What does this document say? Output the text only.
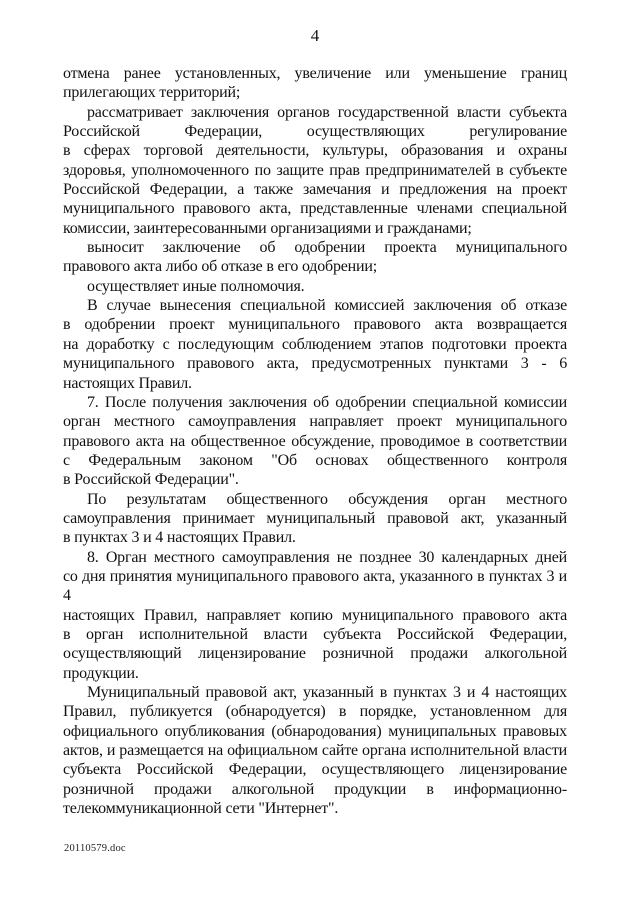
4
отмена ранее установленных, увеличение или уменьшение границ
прилегающих территорий;
рассматривает заключения органов государственной власти субъекта
Российской Федерации, осуществляющих регулирование
в сферах торговой деятельности, культуры, образования и охраны
здоровья, уполномоченного по защите прав предпринимателей в субъекте
Российской Федерации, а также замечания и предложения на проект
муниципального правового акта, представленные членами специальной
комиссии, заинтересованными организациями и гражданами;
выносит заключение об одобрении проекта муниципального
правового акта либо об отказе в его одобрении;
осуществляет иные полномочия.
В случае вынесения специальной комиссией заключения об отказе
в одобрении проект муниципального правового акта возвращается
на доработку с последующим соблюдением этапов подготовки проекта
муниципального правового акта, предусмотренных пунктами 3 - 6
настоящих Правил.
7. После получения заключения об одобрении специальной комиссии
орган местного самоуправления направляет проект муниципального
правового акта на общественное обсуждение, проводимое в соответствии
с Федеральным законом "Об основах общественного контроля
в Российской Федерации".
По результатам общественного обсуждения орган местного
самоуправления принимает муниципальный правовой акт, указанный
в пунктах 3 и 4 настоящих Правил.
8. Орган местного самоуправления не позднее 30 календарных дней
со дня принятия муниципального правового акта, указанного в пунктах 3 и 4
настоящих Правил, направляет копию муниципального правового акта
в орган исполнительной власти субъекта Российской Федерации,
осуществляющий лицензирование розничной продажи алкогольной
продукции.
Муниципальный правовой акт, указанный в пунктах 3 и 4 настоящих
Правил, публикуется (обнародуется) в порядке, установленном для
официального опубликования (обнародования) муниципальных правовых
актов, и размещается на официальном сайте органа исполнительной власти
субъекта Российской Федерации, осуществляющего лицензирование
розничной продажи алкогольной продукции в информационно-
телекоммуникационной сети "Интернет".
20110579.doc
